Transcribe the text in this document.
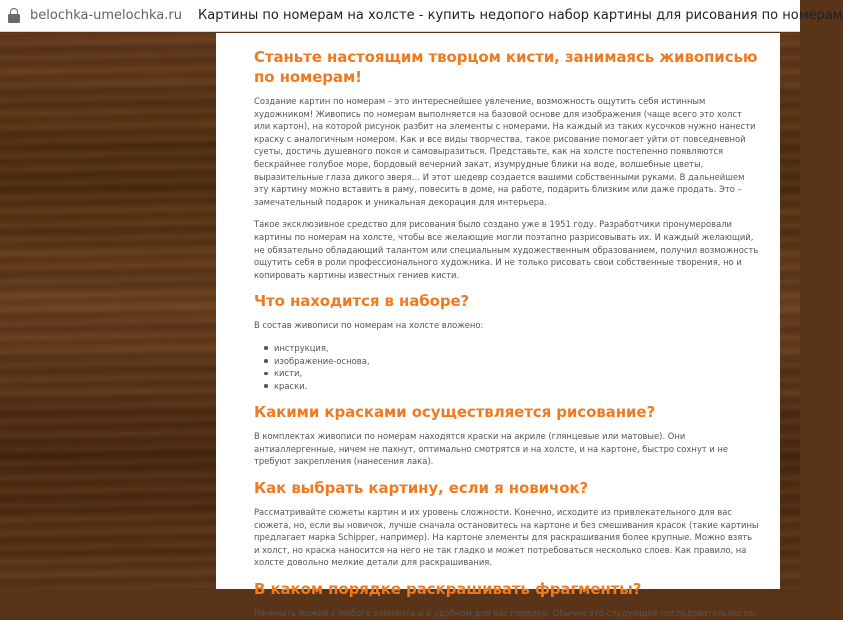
belochka-umelochka.ru Картины по номерам на холсте - купить недопого набор картины для рисования по номерам
Станьте настоящим творцом кисти, занимаясь живописью по номерам!

Создание картин по номерам – это интереснейшее увлечение, возможность ощутить себя истинным художником! Живопись по номерам выполняется на базовой основе для изображения (чаще всего это холст или картон), на которой рисунок разбит на элементы с номерами. На каждый из таких кусочков нужно нанести краску с аналогичным номером. Как и все виды творчества, такое рисование помогает уйти от повседневной суеты, достичь душевного покоя и самовыразиться. Представьте, как на холсте постепенно появляются бескрайнее голубое море, бордовый вечерний закат, изумрудные блики на воде, волшебные цветы, выразительные глаза дикого зверя… И этот шедевр создается вашими собственными руками. В дальнейшем эту картину можно вставить в раму, повесить в доме, на работе, подарить близким или даже продать. Это – замечательный подарок и уникальная декорация для интерьера.

Такое эксклюзивное средство для рисования было создано уже в 1951 году. Разработчики пронумеровали картины по номерам на холсте, чтобы все желающие могли поэтапно разрисовывать их. И каждый желающий, не обязательно обладающий талантом или специальным художественным образованием, получил возможность ощутить себя в роли профессионального художника. И не только рисовать свои собственные творения, но и копировать картины известных гениев кисти.

Что находится в наборе?

В состав живописи по номерам на холсте вложено:

инструкция,
изображение-основа,
кисти,
краски.
Какими красками осуществляется рисование?

В комплектах живописи по номерам находятся краски на акриле (глянцевые или матовые). Они антиаллергенные, ничем не пахнут, оптимально смотрятся и на холсте, и на картоне, быстро сохнут и не требуют закрепления (нанесения лака).

Как выбрать картину, если я новичок?

Рассматривайте сюжеты картин и их уровень сложности. Конечно, исходите из привлекательного для вас сюжета, но, если вы новичок, лучше сначала остановитесь на картоне и без смешивания красок (такие картины предлагает марка Schipper, например). На картоне элементы для раскрашивания более крупные. Можно взять и холст, но краска наносится на него не так гладко и может потребоваться несколько слоев. Как правило, на холсте довольно мелкие детали для раскрашивания.

В каком порядке раскрашивать фрагменты?

Начинать можно с любого элемента и в удобном для вас порядке. Обычно это следующие последовательности:
